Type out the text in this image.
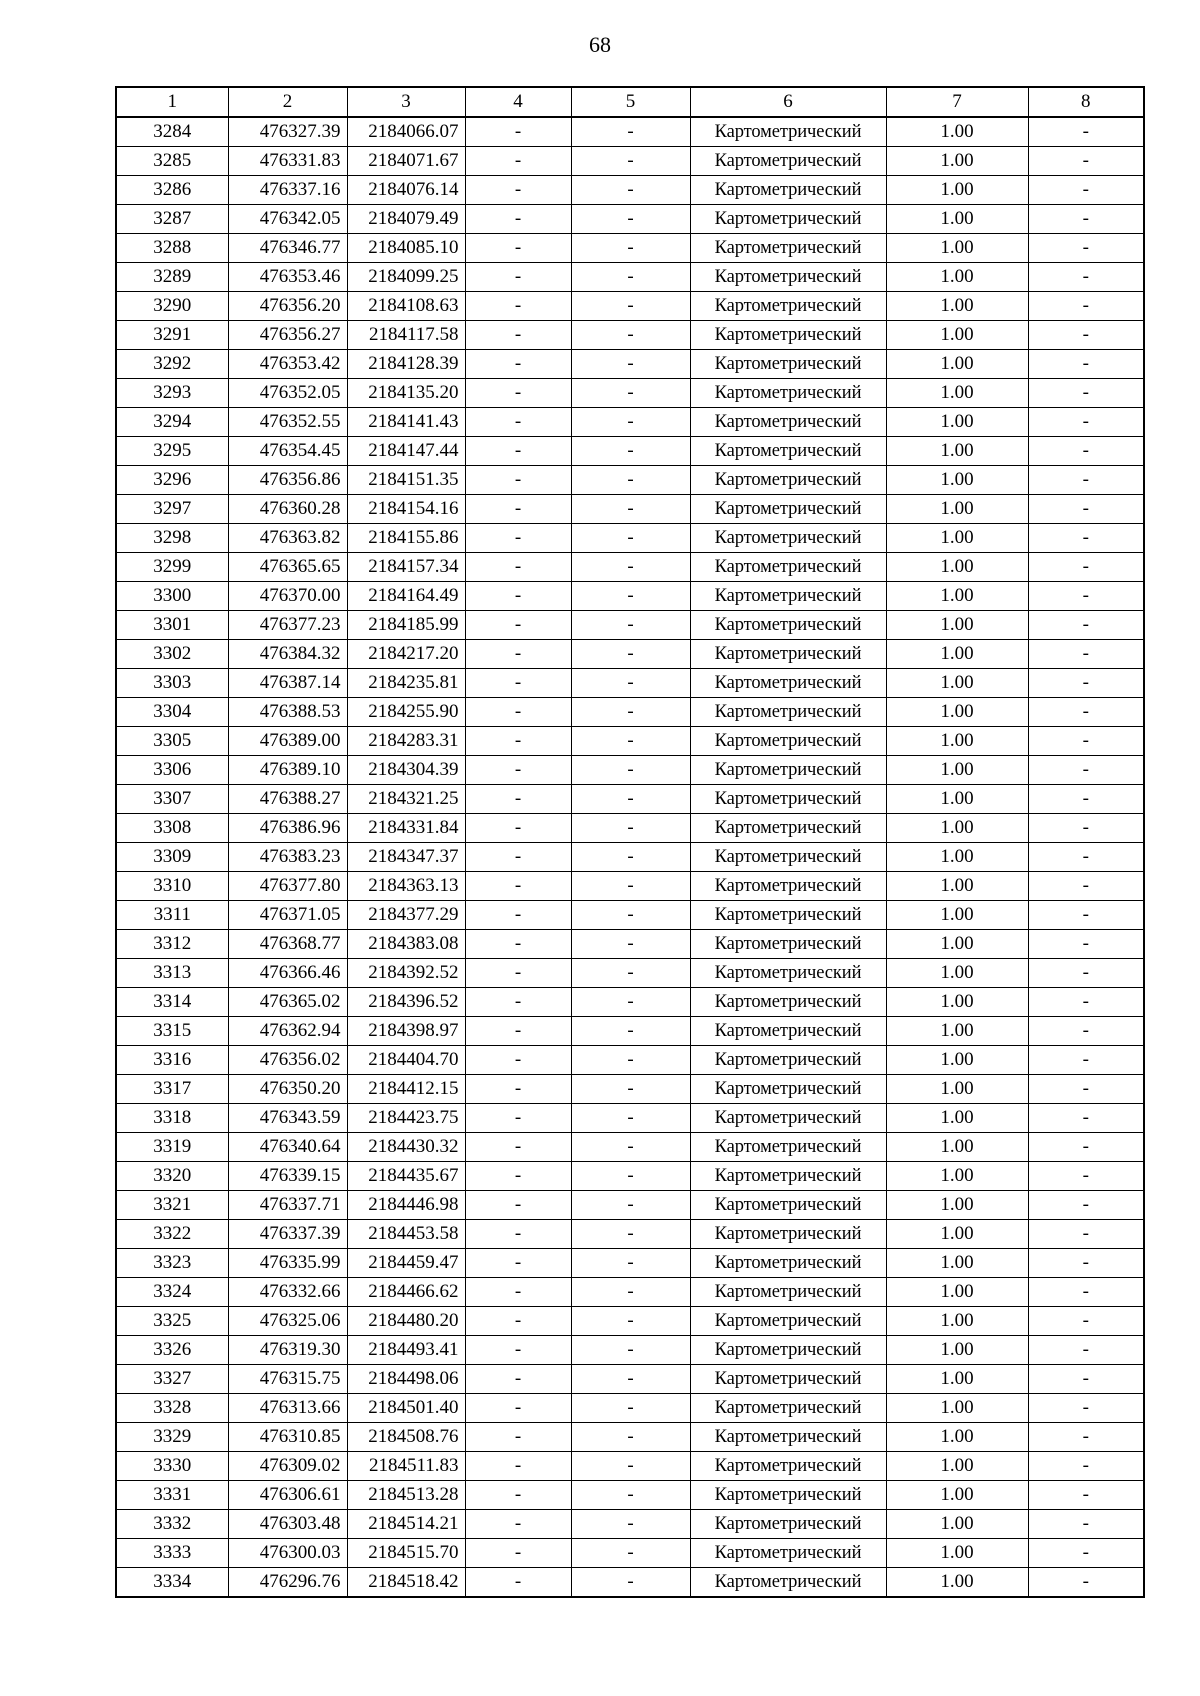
68
1	2	3	4	5	6	7	8
3284	476327.39	2184066.07	-	-	Картометрический	1.00	-
3285	476331.83	2184071.67	-	-	Картометрический	1.00	-
3286	476337.16	2184076.14	-	-	Картометрический	1.00	-
3287	476342.05	2184079.49	-	-	Картометрический	1.00	-
3288	476346.77	2184085.10	-	-	Картометрический	1.00	-
3289	476353.46	2184099.25	-	-	Картометрический	1.00	-
3290	476356.20	2184108.63	-	-	Картометрический	1.00	-
3291	476356.27	2184117.58	-	-	Картометрический	1.00	-
3292	476353.42	2184128.39	-	-	Картометрический	1.00	-
3293	476352.05	2184135.20	-	-	Картометрический	1.00	-
3294	476352.55	2184141.43	-	-	Картометрический	1.00	-
3295	476354.45	2184147.44	-	-	Картометрический	1.00	-
3296	476356.86	2184151.35	-	-	Картометрический	1.00	-
3297	476360.28	2184154.16	-	-	Картометрический	1.00	-
3298	476363.82	2184155.86	-	-	Картометрический	1.00	-
3299	476365.65	2184157.34	-	-	Картометрический	1.00	-
3300	476370.00	2184164.49	-	-	Картометрический	1.00	-
3301	476377.23	2184185.99	-	-	Картометрический	1.00	-
3302	476384.32	2184217.20	-	-	Картометрический	1.00	-
3303	476387.14	2184235.81	-	-	Картометрический	1.00	-
3304	476388.53	2184255.90	-	-	Картометрический	1.00	-
3305	476389.00	2184283.31	-	-	Картометрический	1.00	-
3306	476389.10	2184304.39	-	-	Картометрический	1.00	-
3307	476388.27	2184321.25	-	-	Картометрический	1.00	-
3308	476386.96	2184331.84	-	-	Картометрический	1.00	-
3309	476383.23	2184347.37	-	-	Картометрический	1.00	-
3310	476377.80	2184363.13	-	-	Картометрический	1.00	-
3311	476371.05	2184377.29	-	-	Картометрический	1.00	-
3312	476368.77	2184383.08	-	-	Картометрический	1.00	-
3313	476366.46	2184392.52	-	-	Картометрический	1.00	-
3314	476365.02	2184396.52	-	-	Картометрический	1.00	-
3315	476362.94	2184398.97	-	-	Картометрический	1.00	-
3316	476356.02	2184404.70	-	-	Картометрический	1.00	-
3317	476350.20	2184412.15	-	-	Картометрический	1.00	-
3318	476343.59	2184423.75	-	-	Картометрический	1.00	-
3319	476340.64	2184430.32	-	-	Картометрический	1.00	-
3320	476339.15	2184435.67	-	-	Картометрический	1.00	-
3321	476337.71	2184446.98	-	-	Картометрический	1.00	-
3322	476337.39	2184453.58	-	-	Картометрический	1.00	-
3323	476335.99	2184459.47	-	-	Картометрический	1.00	-
3324	476332.66	2184466.62	-	-	Картометрический	1.00	-
3325	476325.06	2184480.20	-	-	Картометрический	1.00	-
3326	476319.30	2184493.41	-	-	Картометрический	1.00	-
3327	476315.75	2184498.06	-	-	Картометрический	1.00	-
3328	476313.66	2184501.40	-	-	Картометрический	1.00	-
3329	476310.85	2184508.76	-	-	Картометрический	1.00	-
3330	476309.02	2184511.83	-	-	Картометрический	1.00	-
3331	476306.61	2184513.28	-	-	Картометрический	1.00	-
3332	476303.48	2184514.21	-	-	Картометрический	1.00	-
3333	476300.03	2184515.70	-	-	Картометрический	1.00	-
3334	476296.76	2184518.42	-	-	Картометрический	1.00	-
